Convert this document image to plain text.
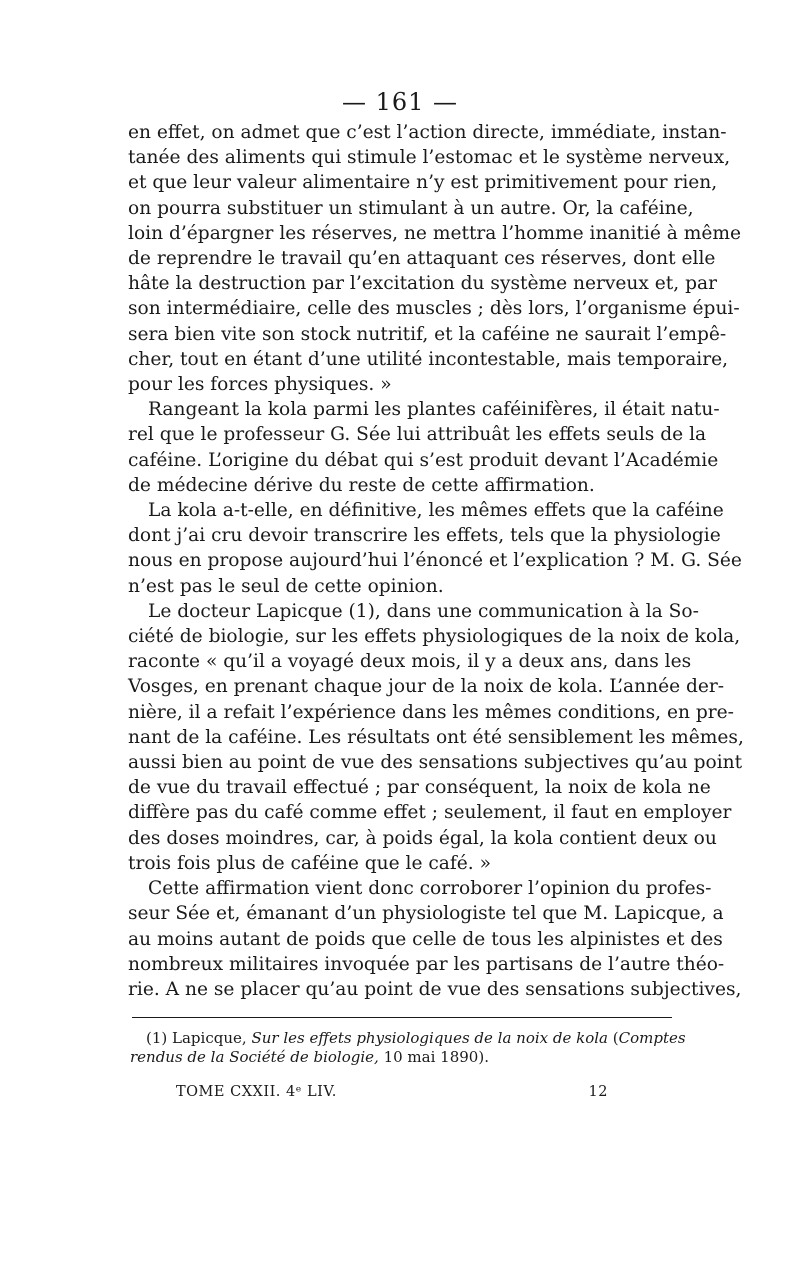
— 161 —
en effet, on admet que c’est l’action directe, immédiate, instan-
tanée des aliments qui stimule l’estomac et le système nerveux,
et que leur valeur alimentaire n’y est primitivement pour rien,
on pourra substituer un stimulant à un autre. Or, la caféine,
loin d’épargner les réserves, ne mettra l’homme inanitié à même
de reprendre le travail qu’en attaquant ces réserves, dont elle
hâte la destruction par l’excitation du système nerveux et, par
son intermédiaire, celle des muscles ; dès lors, l’organisme épui-
sera bien vite son stock nutritif, et la caféine ne saurait l’empê-
cher, tout en étant d’une utilité incontestable, mais temporaire,
pour les forces physiques. »
Rangeant la kola parmi les plantes caféinifères, il était natu-
rel que le professeur G. Sée lui attribuât les effets seuls de la
caféine. L’origine du débat qui s’est produit devant l’Académie
de médecine dérive du reste de cette affirmation.
La kola a-t-elle, en définitive, les mêmes effets que la caféine
dont j’ai cru devoir transcrire les effets, tels que la physiologie
nous en propose aujourd’hui l’énoncé et l’explication ? M. G. Sée
n’est pas le seul de cette opinion.
Le docteur Lapicque (1), dans une communication à la So-
ciété de biologie, sur les effets physiologiques de la noix de kola,
raconte « qu’il a voyagé deux mois, il y a deux ans, dans les
Vosges, en prenant chaque jour de la noix de kola. L’année der-
nière, il a refait l’expérience dans les mêmes conditions, en pre-
nant de la caféine. Les résultats ont été sensiblement les mêmes,
aussi bien au point de vue des sensations subjectives qu’au point
de vue du travail effectué ; par conséquent, la noix de kola ne
diffère pas du café comme effet ; seulement, il faut en employer
des doses moindres, car, à poids égal, la kola contient deux ou
trois fois plus de caféine que le café. »
Cette affirmation vient donc corroborer l’opinion du profes-
seur Sée et, émanant d’un physiologiste tel que M. Lapicque, a
au moins autant de poids que celle de tous les alpinistes et des
nombreux militaires invoquée par les partisans de l’autre théo-
rie. A ne se placer qu’au point de vue des sensations subjectives,
(1) Lapicque, Sur les effets physiologiques de la noix de kola (Comptes
rendus de la Société de biologie, 10 mai 1890).
TOME CXXII. 4ᵉ LIV.	12
